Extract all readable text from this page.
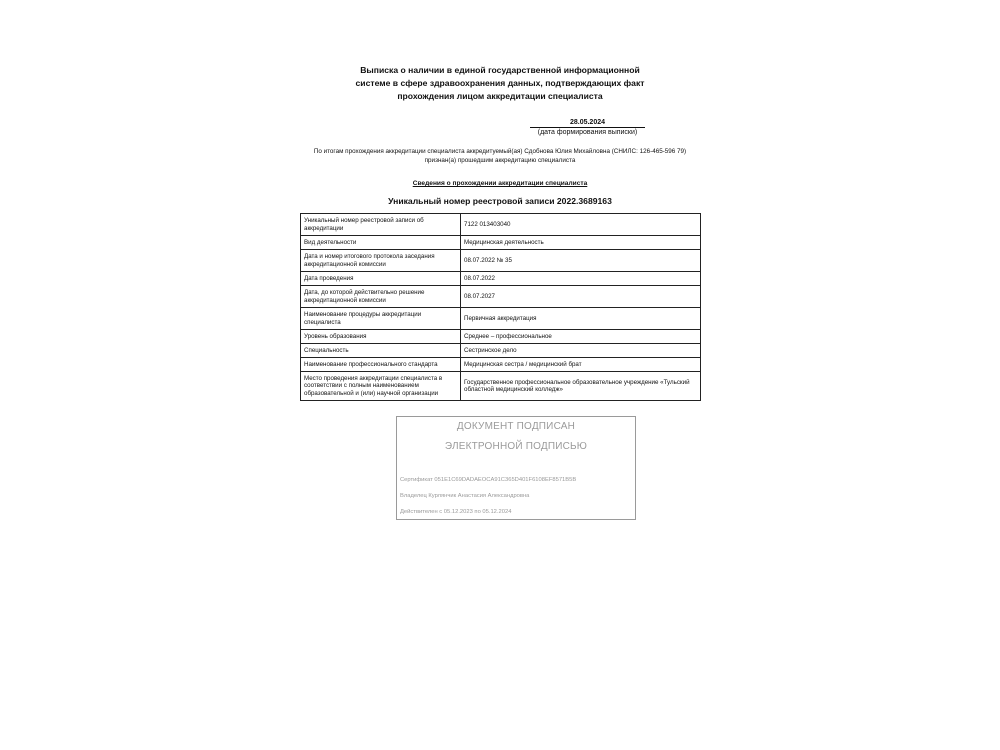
Выписка о наличии в единой государственной информационной
системе в сфере здравоохранения данных, подтверждающих факт
прохождения лицом аккредитации специалиста
28.05.2024
(дата формирования выписки)
По итогам прохождения аккредитации специалиста аккредитуемый(ая) Сдобнова Юлия Михайловна (СНИЛС: 126-465-596 79)
признан(а) прошедшим аккредитацию специалиста
Сведения о прохождении аккредитации специалиста
Уникальный номер реестровой записи 2022.3689163
Уникальный номер реестровой записи об аккредитации	7122 013403040
Вид деятельности	Медицинская деятельность
Дата и номер итогового протокола заседания аккредитационной комиссии	08.07.2022 № 35
Дата проведения	08.07.2022
Дата, до которой действительно решение аккредитационной комиссии	08.07.2027
Наименование процедуры аккредитации специалиста	Первичная аккредитация
Уровень образования	Среднее – профессиональное
Специальность	Сестринское дело
Наименование профессионального стандарта	Медицинская сестра / медицинский брат
Место проведения аккредитации специалиста в соответствии с полным наименованием образовательной и (или) научной организации	Государственное профессиональное образовательное учреждение «Тульский областной медицинский колледж»
ДОКУМЕНТ ПОДПИСАН
ЭЛЕКТРОННОЙ ПОДПИСЬЮ
Сертификат 051E1C69DADAEOCA91C365D401F6108EF8571B5B
Владелец Курлянчик Анастасия Александровна
Действителен с 05.12.2023 по 05.12.2024
